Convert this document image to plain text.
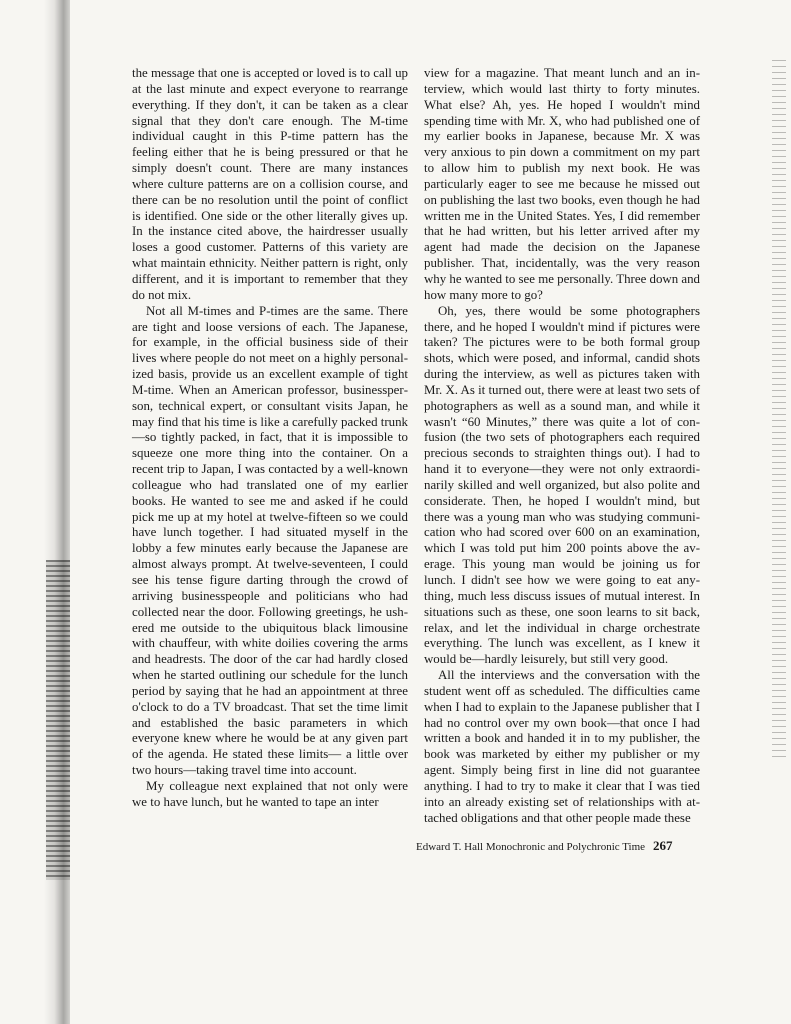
the message that one is accepted or loved is to call up at the last minute and expect everyone to rearrange everything. If they don't, it can be taken as a clear signal that they don't care enough. The M-time individual caught in this P-time pattern has the feeling either that he is being pressured or that he simply doesn't count. There are many instances where culture patterns are on a collision course, and there can be no resolution until the point of conflict is identified. One side or the other literally gives up. In the instance cited above, the hairdresser usually loses a good customer. Patterns of this variety are what maintain ethnicity. Neither pattern is right, only different, and it is important to remember that they do not mix.

Not all M-times and P-times are the same. There are tight and loose versions of each. The Japanese, for example, in the official business side of their lives where people do not meet on a highly personalized basis, provide us an excellent example of tight M-time. When an American professor, businessperson, technical expert, or consultant visits Japan, he may find that his time is like a carefully packed trunk—so tightly packed, in fact, that it is impossible to squeeze one more thing into the container. On a recent trip to Japan, I was contacted by a well-known colleague who had translated one of my earlier books. He wanted to see me and asked if he could pick me up at my hotel at twelve-fifteen so we could have lunch together. I had situated myself in the lobby a few minutes early because the Japanese are almost always prompt. At twelve-seventeen, I could see his tense figure darting through the crowd of arriving businesspeople and politicians who had collected near the door. Following greetings, he ushered me outside to the ubiquitous black limousine with chauffeur, with white doilies covering the arms and headrests. The door of the car had hardly closed when he started outlining our schedule for the lunch period by saying that he had an appointment at three o'clock to do a TV broadcast. That set the time limit and established the basic parameters in which everyone knew where he would be at any given part of the agenda. He stated these limits— a little over two hours—taking travel time into account.

My colleague next explained that not only were we to have lunch, but he wanted to tape an inter

view for a magazine. That meant lunch and an interview, which would last thirty to forty minutes. What else? Ah, yes. He hoped I wouldn't mind spending time with Mr. X, who had published one of my earlier books in Japanese, because Mr. X was very anxious to pin down a commitment on my part to allow him to publish my next book. He was particularly eager to see me because he missed out on publishing the last two books, even though he had written me in the United States. Yes, I did remember that he had written, but his letter arrived after my agent had made the decision on the Japanese publisher. That, incidentally, was the very reason why he wanted to see me personally. Three down and how many more to go?

Oh, yes, there would be some photographers there, and he hoped I wouldn't mind if pictures were taken? The pictures were to be both formal group shots, which were posed, and informal, candid shots during the interview, as well as pictures taken with Mr. X. As it turned out, there were at least two sets of photographers as well as a sound man, and while it wasn't “60 Minutes,” there was quite a lot of confusion (the two sets of photographers each required precious seconds to straighten things out). I had to hand it to everyone—they were not only extraordinarily skilled and well organized, but also polite and considerate. Then, he hoped I wouldn't mind, but there was a young man who was studying communication who had scored over 600 on an examination, which I was told put him 200 points above the average. This young man would be joining us for lunch. I didn't see how we were going to eat anything, much less discuss issues of mutual interest. In situations such as these, one soon learns to sit back, relax, and let the individual in charge orchestrate everything. The lunch was excellent, as I knew it would be—hardly leisurely, but still very good.

All the interviews and the conversation with the student went off as scheduled. The difficulties came when I had to explain to the Japanese publisher that I had no control over my own book—that once I had written a book and handed it in to my publisher, the book was marketed by either my publisher or my agent. Simply being first in line did not guarantee anything. I had to try to make it clear that I was tied into an already existing set of relationships with attached obligations and that other people made these

Edward T. Hall Monochronic and Polychronic Time 267
